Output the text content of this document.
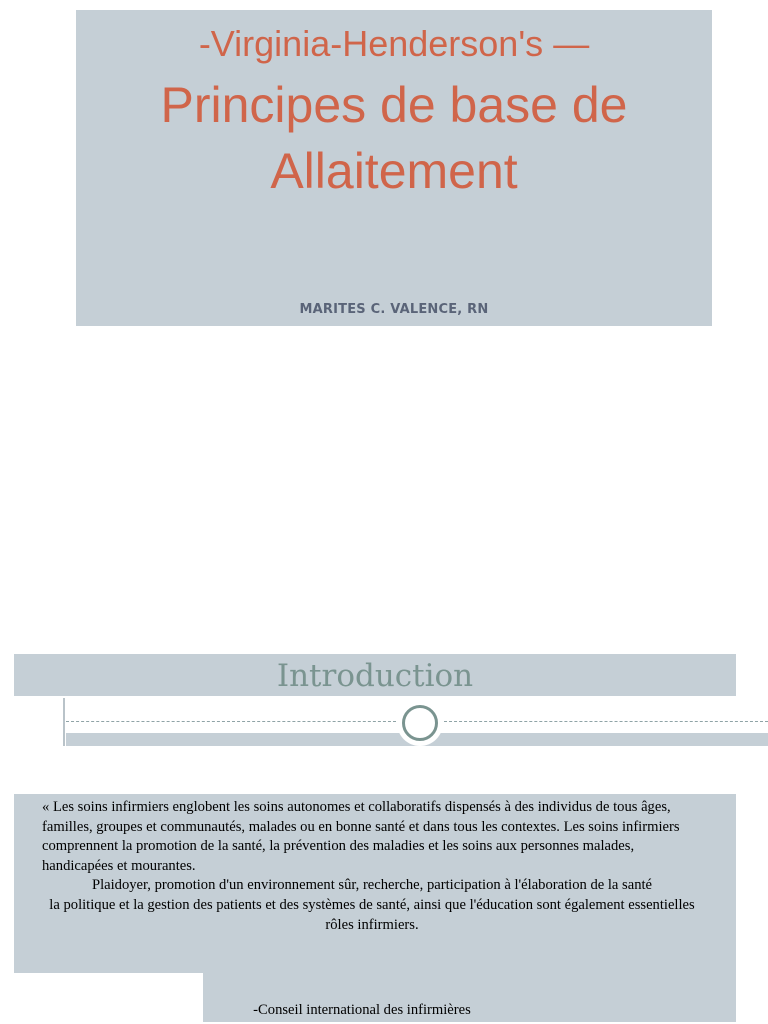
-Virginia-Henderson's —
Principes de base de
Allaitement
MARITES C. VALENCE, RN
Introduction

« Les soins infirmiers englobent les soins autonomes et collaboratifs dispensés à des individus de tous âges, familles, groupes et communautés, malades ou en bonne santé et dans tous les contextes. Les soins infirmiers comprennent la promotion de la santé, la prévention des maladies et les soins aux personnes malades, handicapées et mourantes.

Plaidoyer, promotion d'un environnement sûr, recherche, participation à l'élaboration de la santé

la politique et la gestion des patients et des systèmes de santé, ainsi que l'éducation sont également essentielles

rôles infirmiers.

-Conseil international des infirmières
